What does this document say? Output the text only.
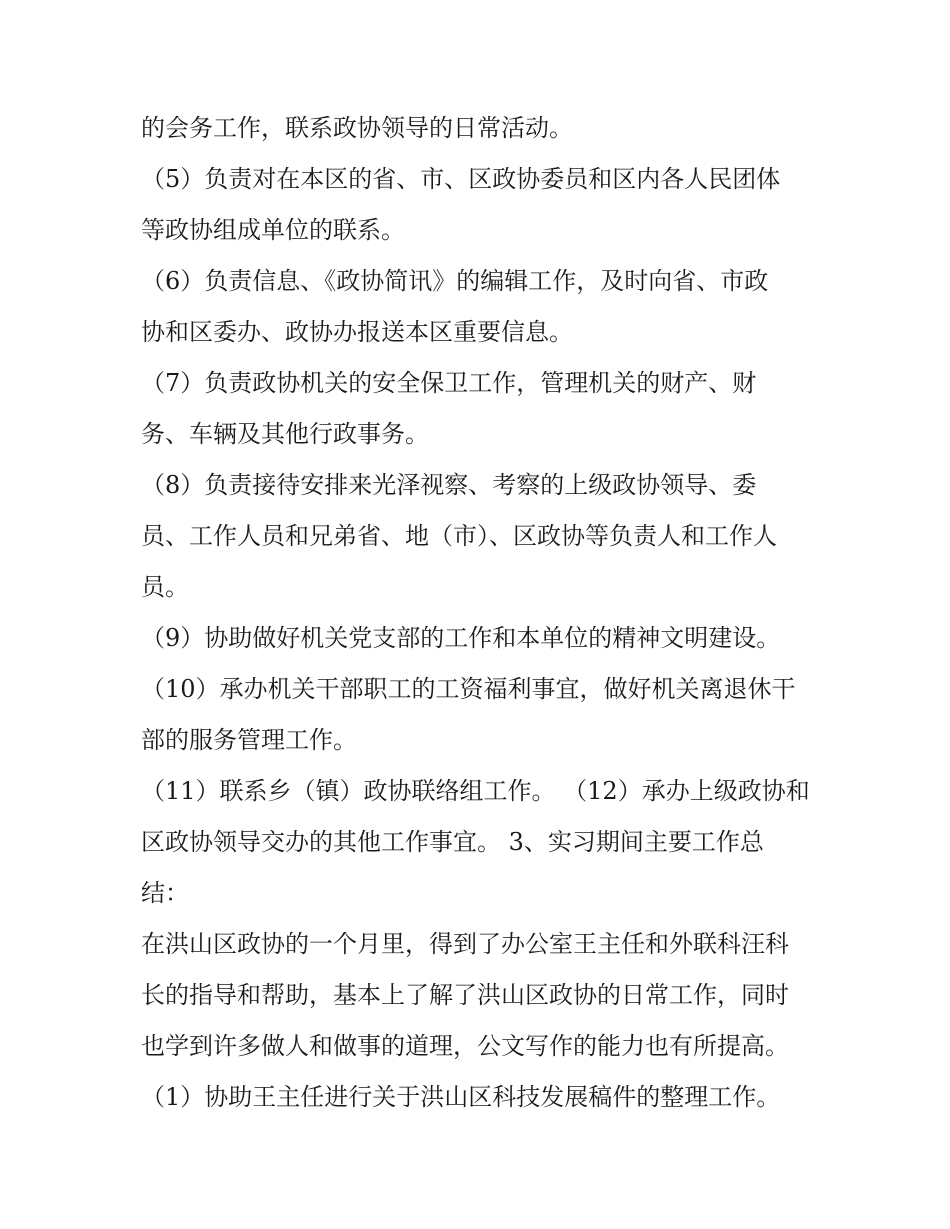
的会务工作，联系政协领导的日常活动。

（5）负责对在本区的省、市、区政协委员和区内各人民团体

等政协组成单位的联系。

（6）负责信息、《政协简讯》的编辑工作，及时向省、市政

协和区委办、政协办报送本区重要信息。

（7）负责政协机关的安全保卫工作，管理机关的财产、财

务、车辆及其他行政事务。

（8）负责接待安排来光泽视察、考察的上级政协领导、委

员、工作人员和兄弟省、地（市）、区政协等负责人和工作人

员。

（9）协助做好机关党支部的工作和本单位的精神文明建设。

（10）承办机关干部职工的工资福利事宜，做好机关离退休干

部的服务管理工作。

（11）联系乡（镇）政协联络组工作。 （12）承办上级政协和

区政协领导交办的其他工作事宜。 3、实习期间主要工作总

结：

在洪山区政协的一个月里，得到了办公室王主任和外联科汪科

长的指导和帮助，基本上了解了洪山区政协的日常工作，同时

也学到许多做人和做事的道理，公文写作的能力也有所提高。

（1）协助王主任进行关于洪山区科技发展稿件的整理工作。
